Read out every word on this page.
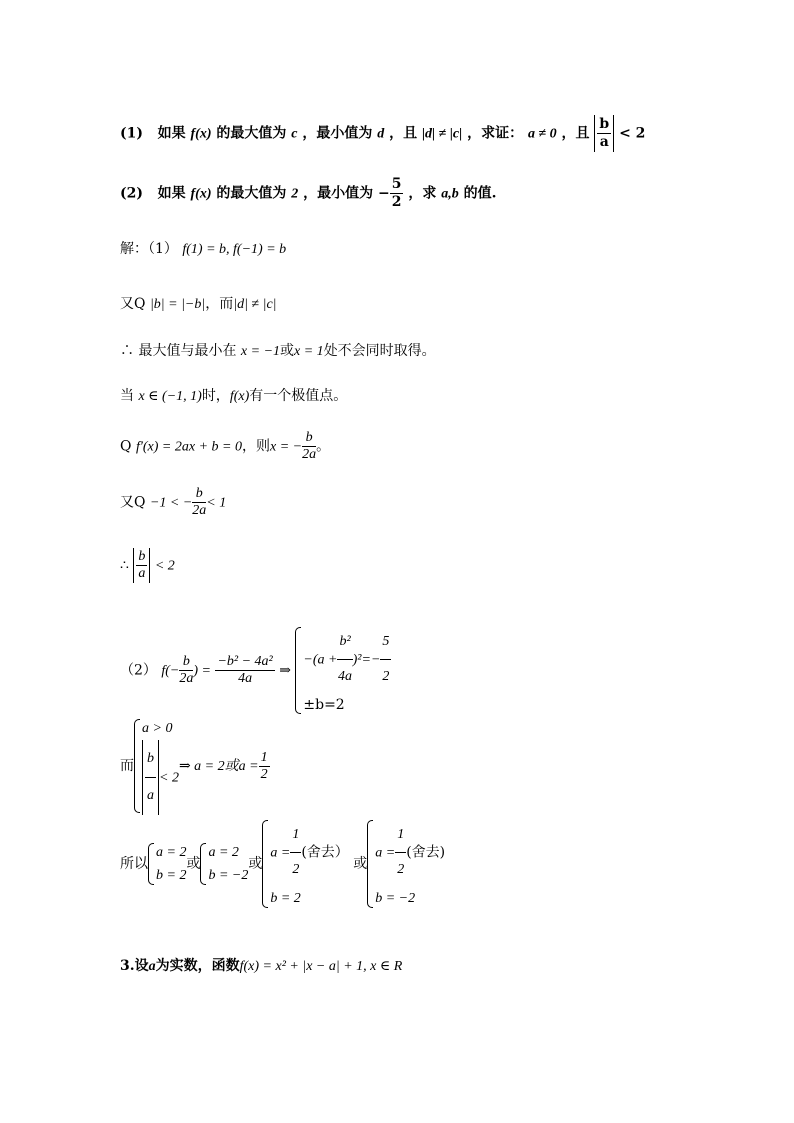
(1) 如果 f(x) 的最大值为 c ，最小值为 d ，且 |d| ≠ |c| ，求证： a ≠ 0 ，且 $\frac{b}{a} < 2$
(2) 如果 f(x) 的最大值为 2 ，最小值为 − $\frac{5}{2}$ ，求 a,b 的值.
解：（1） f(1) = b, f(−1) = b
又Q |b| = |−b|，而|d| ≠ |c|
∴ 最大值与最小在 x = −1或x = 1处不会同时取得。
当 x ∈ (−1, 1)时，f(x)有一个极值点。
Q f′(x) = 2ax + b = 0，则x = − $\frac{b}{2a}$ 。
又Q −1 < − $\frac{b}{2a} < 1$
∴ $\frac{b}{a} < 2$
（2） $f(- \frac{b}{2a}$ ) = $\frac{\text{−b² − 4a²}}{4a}$ ⇒
$-(a + \frac{\text{b²}}{4a} )^2=- \frac{5}{2}$
±b=2
而
a > 0
$\frac{b}{a} < 2$
⇒ a = 2或$a = \frac{1}{2}$
所以
a = 2
b = 2
或
a = 2
b = −2
或
$a = \frac{1}{2}$ (舍去）
b = 2
或
$a = \frac{1}{2}$ (舍去)
b = −2
3.设a为实数，函数f(x) = x² + |x − a| + 1, x ∈ R
